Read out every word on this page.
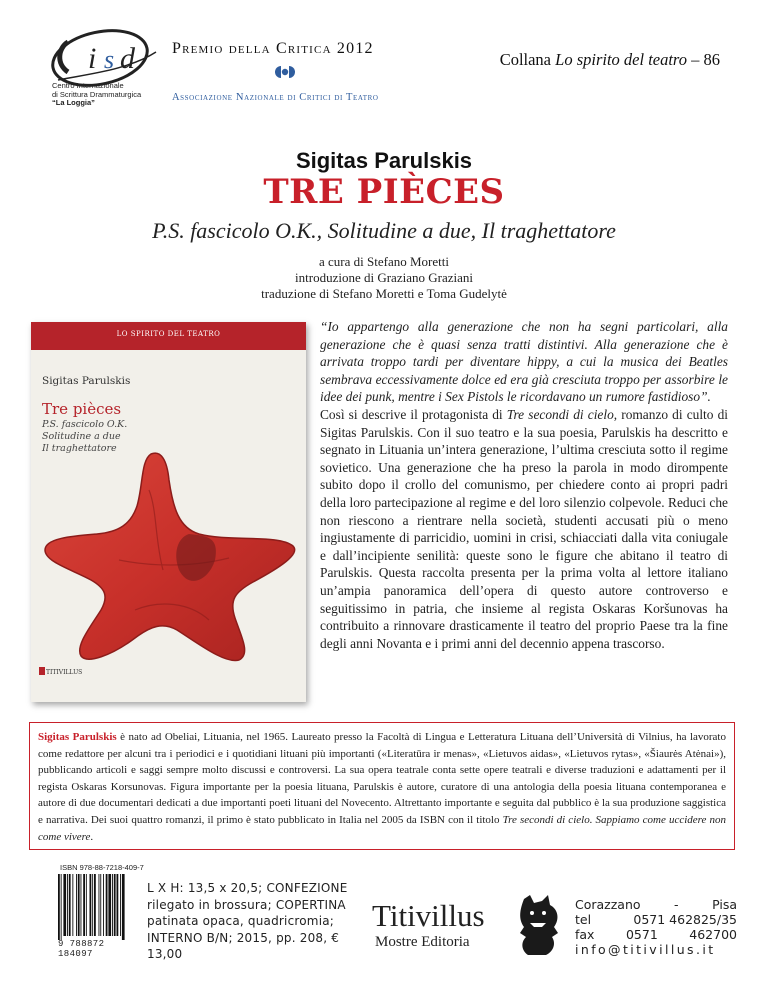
i s d
Centro Internazionale
di Scrittura Drammaturgica
“La Loggia”
Premio della Critica 2012
Associazione Nazionale di Critici di Teatro
Collana Lo spirito del teatro – 86
Sigitas Parulskis
TRE PIÈCES
P.S. fascicolo O.K., Solitudine a due, Il traghettatore
a cura di Stefano Moretti
introduzione di Graziano Graziani
traduzione di Stefano Moretti e Toma Gudelytė
LO SPIRITO DEL TEATRO
Sigitas Parulskis
Tre pièces
P.S. fascicolo O.K.
Solitudine a due
Il traghettatore
TITIVILLUS
“Io appartengo alla generazione che non ha segni particolari, alla generazione che è quasi senza tratti distintivi. Alla generazione che è arrivata troppo tardi per diventare hippy, a cui la musica dei Beatles sembrava eccessivamente dolce ed era già cresciuta troppo per assorbire le idee dei punk, mentre i Sex Pistols le ricordavano un rumore fastidioso”.
Così si descrive il protagonista di Tre secondi di cielo, romanzo di culto di Sigitas Parulskis. Con il suo teatro e la sua poesia, Parulskis ha descritto e segnato in Lituania un’intera generazione, l’ultima cresciuta sotto il regime sovietico. Una generazione che ha preso la parola in modo dirompente subito dopo il crollo del comunismo, per chiedere conto ai propri padri della loro partecipazione al regime e del loro silenzio colpevole. Reduci che non riescono a rientrare nella società, studenti accusati più o meno ingiustamente di parricidio, uomini in crisi, schiacciati dalla vita coniugale e dall’incipiente senilità: queste sono le figure che abitano il teatro di Parulskis. Questa raccolta presenta per la prima volta al lettore italiano un’ampia panoramica dell’opera di questo autore controverso e seguitissimo in patria, che insieme al regista Oskaras Koršunovas ha contribuito a rinnovare drasticamente il teatro del proprio Paese tra la fine degli anni Novanta e i primi anni del decennio appena trascorso.
Sigitas Parulskis è nato ad Obeliai, Lituania, nel 1965. Laureato presso la Facoltà di Lingua e Letteratura Lituana dell’Università di Vilnius, ha lavorato come redattore per alcuni tra i periodici e i quotidiani lituani più importanti («Literatūra ir menas», «Lietuvos aidas», «Lietuvos rytas», «Šiaurės Atėnai»), pubblicando articoli e saggi sempre molto discussi e controversi. La sua opera teatrale conta sette opere teatrali e diverse traduzioni e adattamenti per il regista Oskaras Korsunovas. Figura importante per la poesia lituana, Parulskis è autore, curatore di una antologia della poesia lituana contemporanea e autore di due documentari dedicati a due importanti poeti lituani del Novecento. Altrettanto importante e seguita dal pubblico è la sua produzione saggistica e narrativa. Dei suoi quattro romanzi, il primo è stato pubblicato in Italia nel 2005 da ISBN con il titolo Tre secondi di cielo. Sappiamo come uccidere non come vivere.
ISBN 978-88-7218-409-7
9 788872 184097
L X H: 13,5 x 20,5; CONFEZIONE rilegato in brossura; COPERTINA patinata opaca, quadricromia; INTERNO B/N; 2015, pp. 208, € 13,00
Titivillus
Mostre Editoria
Corazzano	-	Pisa
tel	0571 462825/35
fax	0571	462700
info@titivillus.it
